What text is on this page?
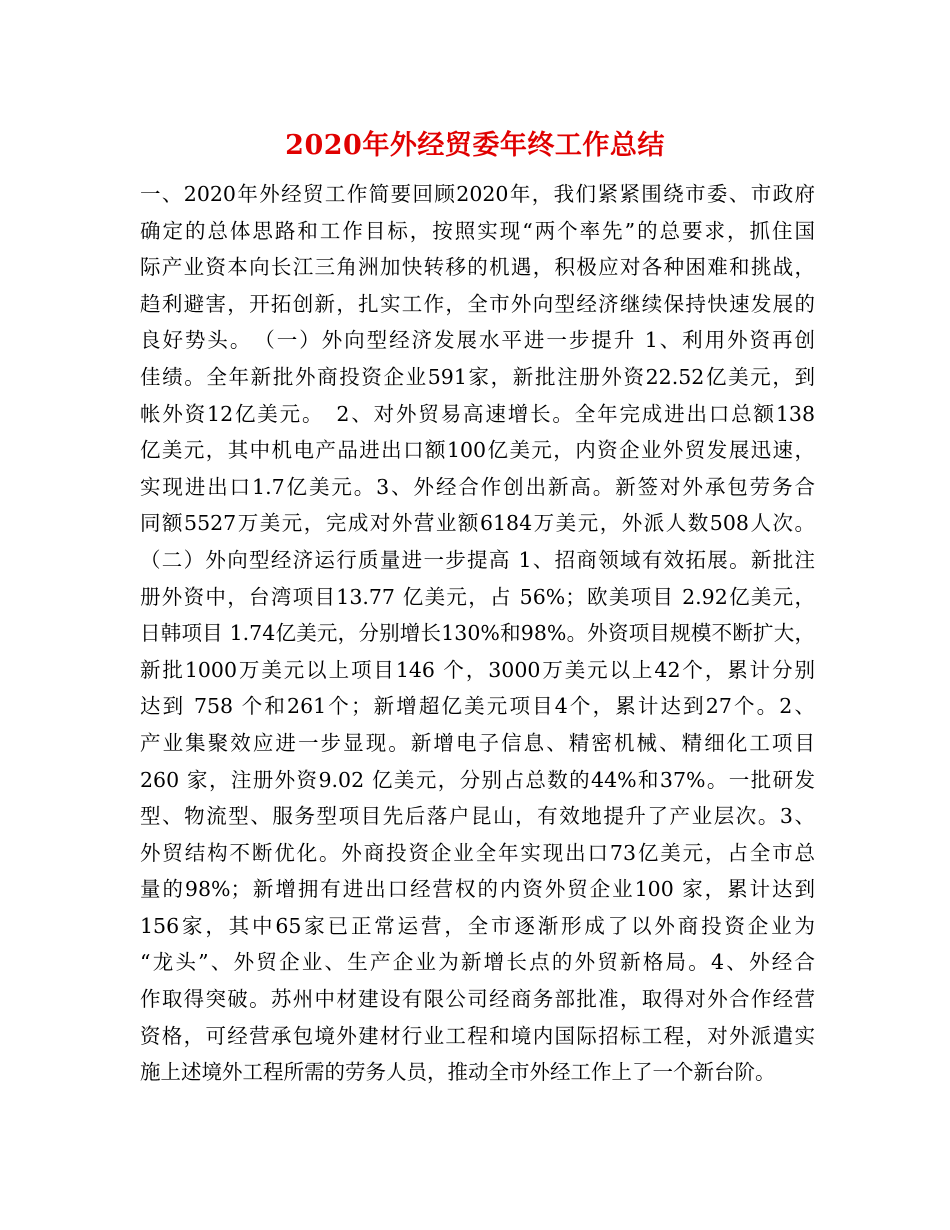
2020年外经贸委年终工作总结
一、2020年外经贸工作简要回顾2020年，我们紧紧围绕市委、市政府
确定的总体思路和工作目标，按照实现“两个率先”的总要求，抓住国
际产业资本向长江三角洲加快转移的机遇，积极应对各种困难和挑战，
趋利避害，开拓创新，扎实工作，全市外向型经济继续保持快速发展的
良好势头。　（一）外向型经济发展水平进一步提升 1、利用外资再创
佳绩。全年新批外商投资企业591家，新批注册外资22.52亿美元，到
帐外资12亿美元。　2、对外贸易高速增长。全年完成进出口总额138
亿美元，其中机电产品进出口额100亿美元，内资企业外贸发展迅速，
实现进出口1.7亿美元。3、外经合作创出新高。新签对外承包劳务合
同额5527万美元，完成对外营业额6184万美元，外派人数508人次。
（二）外向型经济运行质量进一步提高 1、招商领域有效拓展。新批注
册外资中，台湾项目13.77 亿美元，占 56%；欧美项目 2.92亿美元，
日韩项目 1.74亿美元，分别增长130%和98%。外资项目规模不断扩大，
新批1000万美元以上项目146 个，3000万美元以上42个，累计分别
达到 758 个和261个；新增超亿美元项目4个，累计达到27个。2、
产业集聚效应进一步显现。新增电子信息、精密机械、精细化工项目
260 家，注册外资9.02 亿美元，分别占总数的44%和37%。一批研发
型、物流型、服务型项目先后落户昆山，有效地提升了产业层次。3、
外贸结构不断优化。外商投资企业全年实现出口73亿美元，占全市总
量的98%；新增拥有进出口经营权的内资外贸企业100 家，累计达到
156家，其中65家已正常运营，全市逐渐形成了以外商投资企业为
“龙头”、外贸企业、生产企业为新增长点的外贸新格局。4、外经合
作取得突破。苏州中材建设有限公司经商务部批准，取得对外合作经营
资格，可经营承包境外建材行业工程和境内国际招标工程，对外派遣实
施上述境外工程所需的劳务人员，推动全市外经工作上了一个新台阶。
